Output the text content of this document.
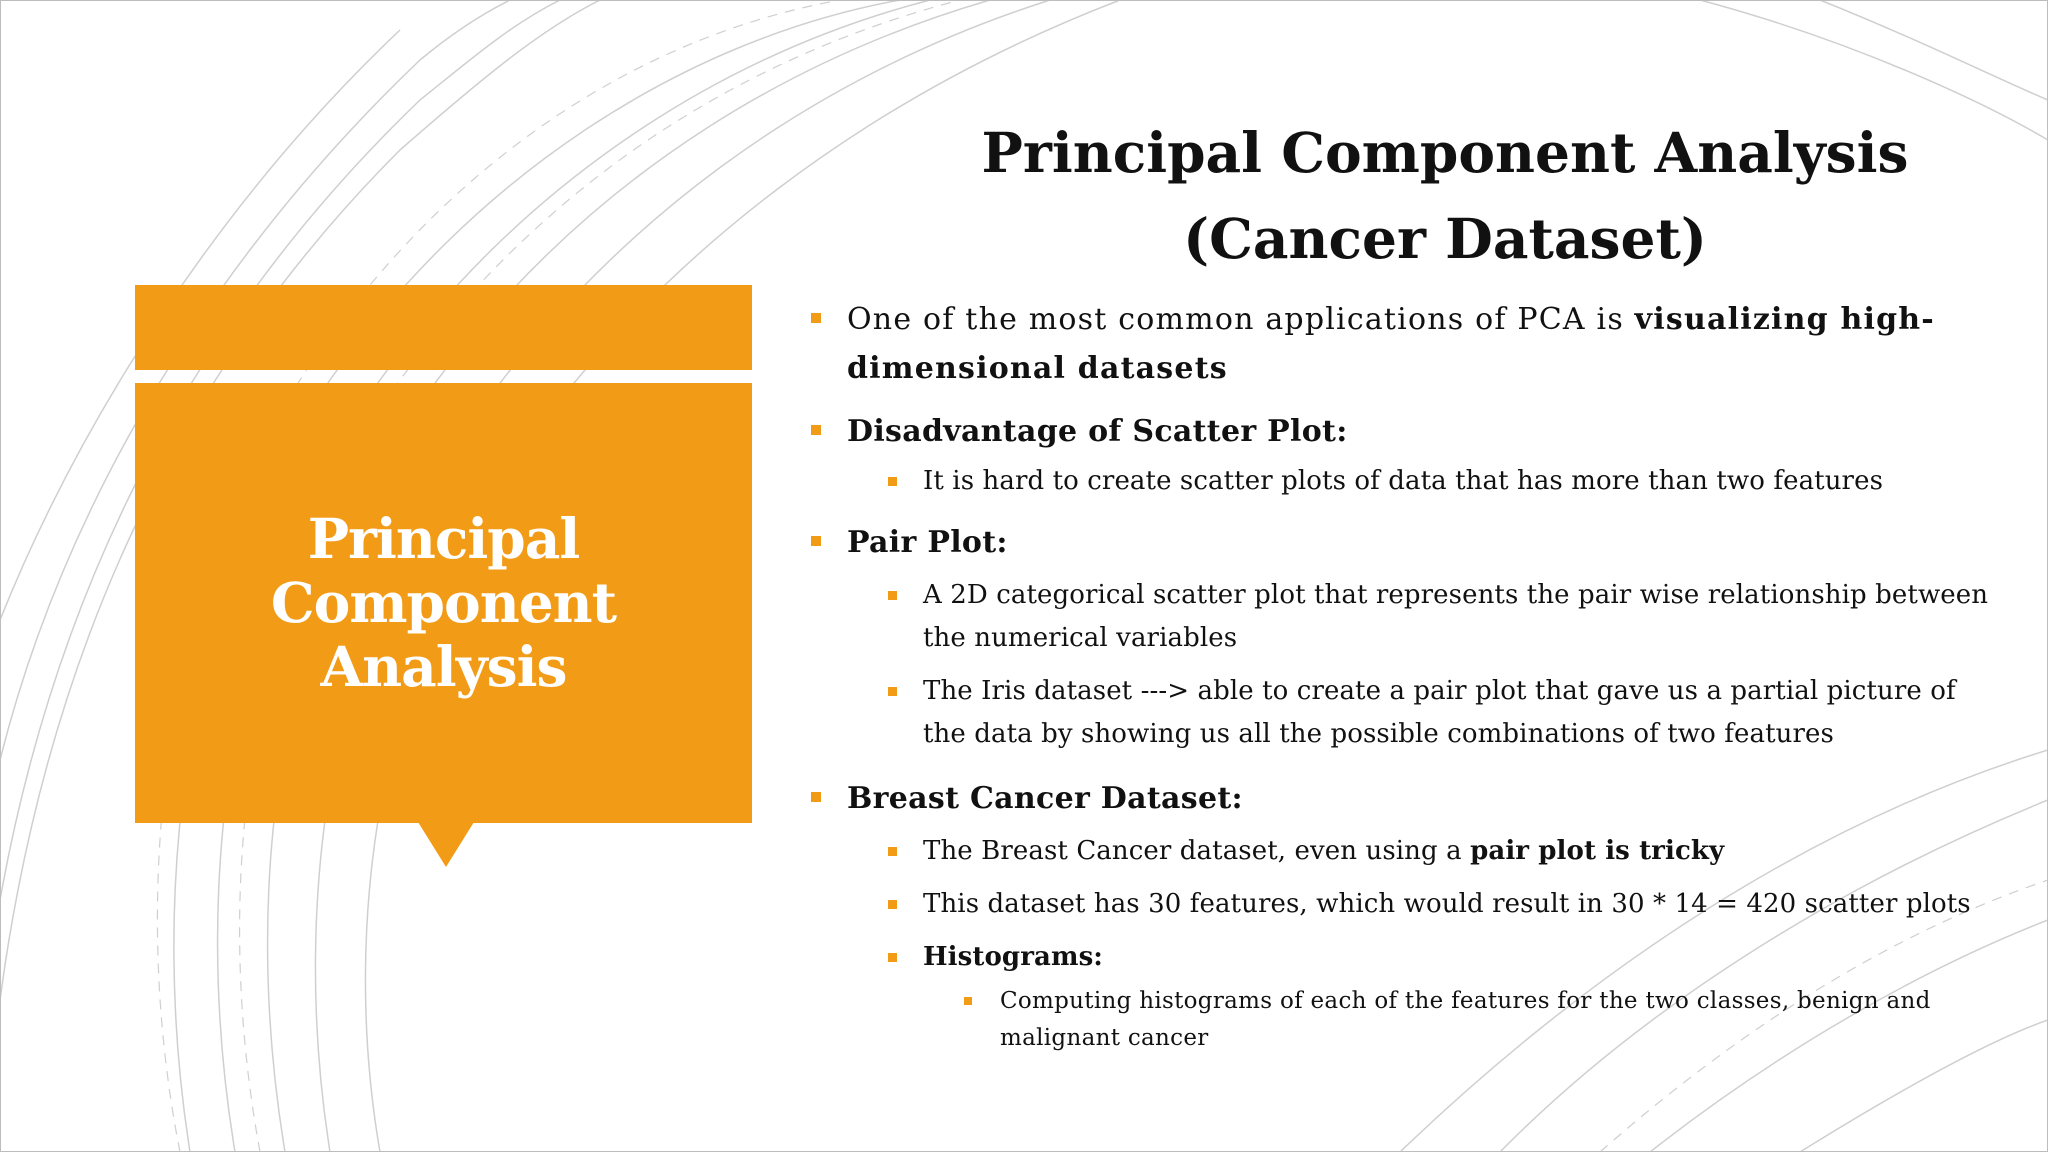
Principal
Component
Analysis
Principal Component Analysis
(Cancer Dataset)
One of the most common applications of PCA is visualizing high-dimensional datasets
Disadvantage of Scatter Plot:
It is hard to create scatter plots of data that has more than two features
Pair Plot:
A 2D categorical scatter plot that represents the pair wise relationship between the numerical variables
The Iris dataset ---> able to create a pair plot that gave us a partial picture of the data by showing us all the possible combinations of two features
Breast Cancer Dataset:
The Breast Cancer dataset, even using a pair plot is tricky
This dataset has 30 features, which would result in 30 * 14 = 420 scatter plots
Histograms:
Computing histograms of each of the features for the two classes, benign and malignant cancer
